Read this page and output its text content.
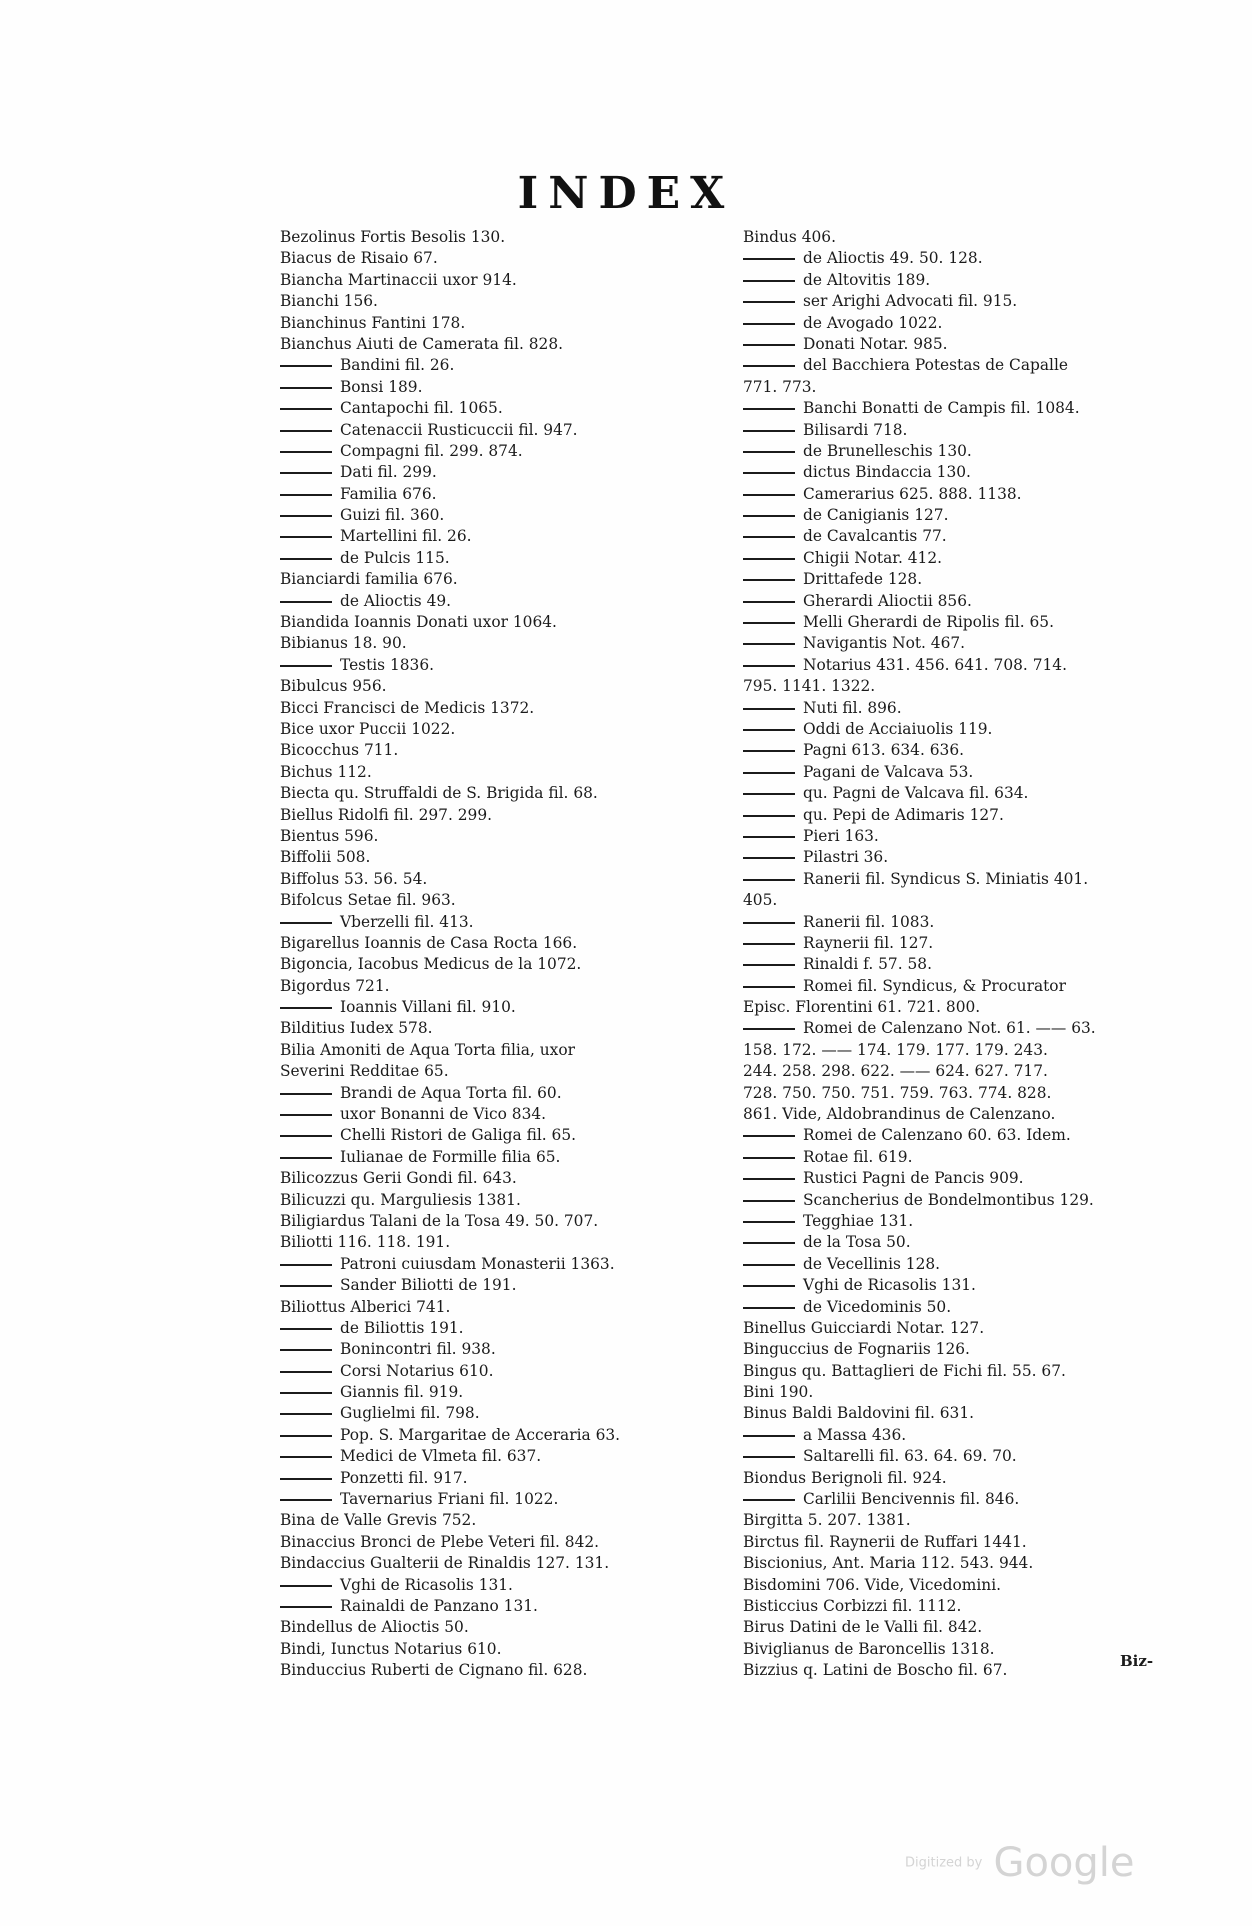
INDEX
Bezolinus Fortis Besolis 130.
Biacus de Risaio 67.
Biancha Martinaccii uxor 914.
Bianchi 156.
Bianchinus Fantini 178.
Bianchus Aiuti de Camerata fil. 828.
Bandini fil. 26.
Bonsi 189.
Cantapochi fil. 1065.
Catenaccii Rusticuccii fil. 947.
Compagni fil. 299. 874.
Dati fil. 299.
Familia 676.
Guizi fil. 360.
Martellini fil. 26.
de Pulcis 115.
Bianciardi familia 676.
de Alioctis 49.
Biandida Ioannis Donati uxor 1064.
Bibianus 18. 90.
Testis 1836.
Bibulcus 956.
Bicci Francisci de Medicis 1372.
Bice uxor Puccii 1022.
Bicocchus 711.
Bichus 112.
Biecta qu. Struffaldi de S. Brigida fil. 68.
Biellus Ridolfi fil. 297. 299.
Bientus 596.
Biffolii 508.
Biffolus 53. 56. 54.
Bifolcus Setae fil. 963.
Vberzelli fil. 413.
Bigarellus Ioannis de Casa Rocta 166.
Bigoncia, Iacobus Medicus de la 1072.
Bigordus 721.
Ioannis Villani fil. 910.
Bilditius Iudex 578.
Bilia Amoniti de Aqua Torta filia, uxor
Severini Redditae 65.
Brandi de Aqua Torta fil. 60.
uxor Bonanni de Vico 834.
Chelli Ristori de Galiga fil. 65.
Iulianae de Formille filia 65.
Bilicozzus Gerii Gondi fil. 643.
Bilicuzzi qu. Marguliesis 1381.
Biligiardus Talani de la Tosa 49. 50. 707.
Biliotti 116. 118. 191.
Patroni cuiusdam Monasterii 1363.
Sander Biliotti de 191.
Biliottus Alberici 741.
de Biliottis 191.
Bonincontri fil. 938.
Corsi Notarius 610.
Giannis fil. 919.
Guglielmi fil. 798.
Pop. S. Margaritae de Acceraria 63.
Medici de Vlmeta fil. 637.
Ponzetti fil. 917.
Tavernarius Friani fil. 1022.
Bina de Valle Grevis 752.
Binaccius Bronci de Plebe Veteri fil. 842.
Bindaccius Gualterii de Rinaldis 127. 131.
Vghi de Ricasolis 131.
Rainaldi de Panzano 131.
Bindellus de Alioctis 50.
Bindi, Iunctus Notarius 610.
Binduccius Ruberti de Cignano fil. 628.
Bindus 406.
de Alioctis 49. 50. 128.
de Altovitis 189.
ser Arighi Advocati fil. 915.
de Avogado 1022.
Donati Notar. 985.
del Bacchiera Potestas de Capalle
771. 773.
Banchi Bonatti de Campis fil. 1084.
Bilisardi 718.
de Brunelleschis 130.
dictus Bindaccia 130.
Camerarius 625. 888. 1138.
de Canigianis 127.
de Cavalcantis 77.
Chigii Notar. 412.
Drittafede 128.
Gherardi Alioctii 856.
Melli Gherardi de Ripolis fil. 65.
Navigantis Not. 467.
Notarius 431. 456. 641. 708. 714.
795. 1141. 1322.
Nuti fil. 896.
Oddi de Acciaiuolis 119.
Pagni 613. 634. 636.
Pagani de Valcava 53.
qu. Pagni de Valcava fil. 634.
qu. Pepi de Adimaris 127.
Pieri 163.
Pilastri 36.
Ranerii fil. Syndicus S. Miniatis 401.
405.
Ranerii fil. 1083.
Raynerii fil. 127.
Rinaldi f. 57. 58.
Romei fil. Syndicus, & Procurator
Episc. Florentini 61. 721. 800.
Romei de Calenzano Not. 61. —— 63.
158. 172. —— 174. 179. 177. 179. 243.
244. 258. 298. 622. —— 624. 627. 717.
728. 750. 750. 751. 759. 763. 774. 828.
861. Vide, Aldobrandinus de Calenzano.
Romei de Calenzano 60. 63. Idem.
Rotae fil. 619.
Rustici Pagni de Pancis 909.
Scancherius de Bondelmontibus 129.
Tegghiae 131.
de la Tosa 50.
de Vecellinis 128.
Vghi de Ricasolis 131.
de Vicedominis 50.
Binellus Guicciardi Notar. 127.
Binguccius de Fognariis 126.
Bingus qu. Battaglieri de Fichi fil. 55. 67.
Bini 190.
Binus Baldi Baldovini fil. 631.
a Massa 436.
Saltarelli fil. 63. 64. 69. 70.
Biondus Berignoli fil. 924.
Carlilii Bencivennis fil. 846.
Birgitta 5. 207. 1381.
Birctus fil. Raynerii de Ruffari 1441.
Biscionius, Ant. Maria 112. 543. 944.
Bisdomini 706. Vide, Vicedomini.
Bisticcius Corbizzi fil. 1112.
Birus Datini de le Valli fil. 842.
Biviglianus de Baroncellis 1318.
Bizzius q. Latini de Boscho fil. 67.
Biz-
Digitized by Google
